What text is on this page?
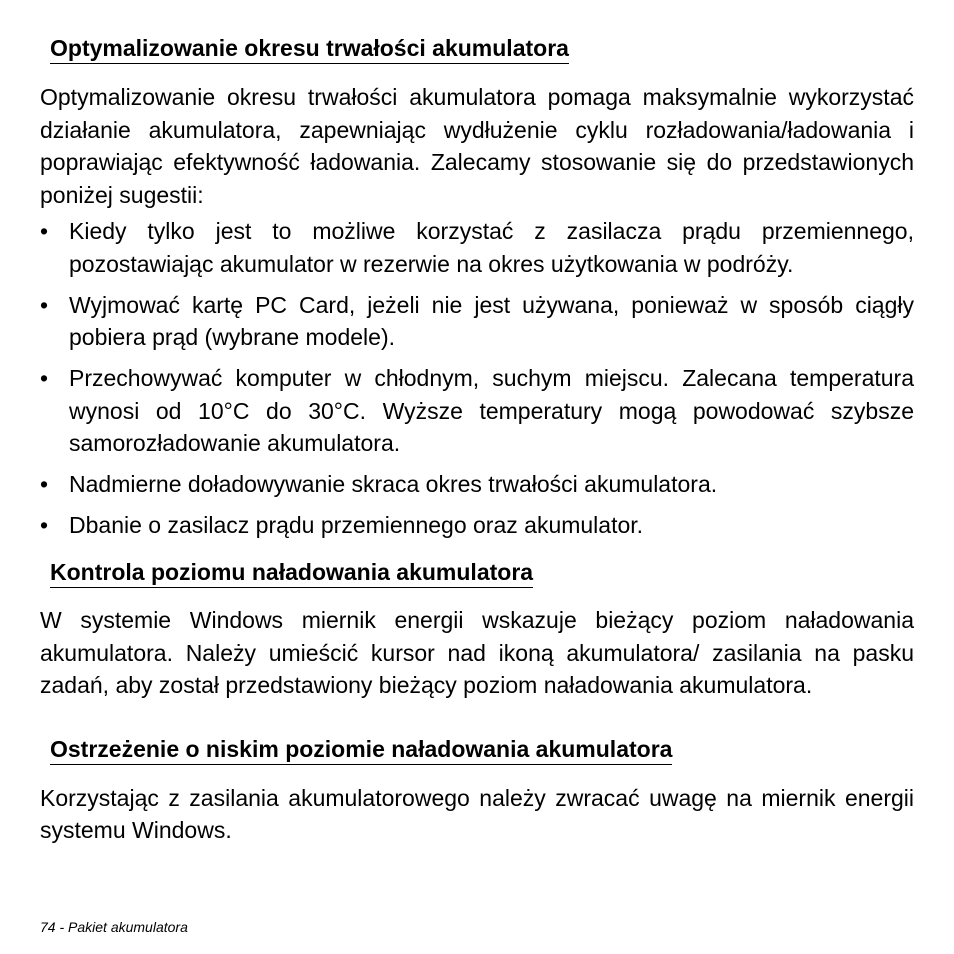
Optymalizowanie okresu trwałości akumulatora

Optymalizowanie okresu trwałości akumulatora pomaga maksymalnie wykorzystać działanie akumulatora, zapewniając wydłużenie cyklu rozładowania/ładowania i poprawiając efektywność ładowania. Zalecamy stosowanie się do przedstawionych poniżej sugestii:

• Kiedy tylko jest to możliwe korzystać z zasilacza prądu przemiennego, pozostawiając akumulator w rezerwie na okres użytkowania w podróży.
• Wyjmować kartę PC Card, jeżeli nie jest używana, ponieważ w sposób ciągły pobiera prąd (wybrane modele).
• Przechowywać komputer w chłodnym, suchym miejscu. Zalecana temperatura wynosi od 10°C do 30°C. Wyższe temperatury mogą powodować szybsze samorozładowanie akumulatora.
• Nadmierne doładowywanie skraca okres trwałości akumulatora.
• Dbanie o zasilacz prądu przemiennego oraz akumulator.
Kontrola poziomu naładowania akumulatora

W systemie Windows miernik energii wskazuje bieżący poziom naładowania akumulatora. Należy umieścić kursor nad ikoną akumulatora/ zasilania na pasku zadań, aby został przedstawiony bieżący poziom naładowania akumulatora.

Ostrzeżenie o niskim poziomie naładowania akumulatora

Korzystając z zasilania akumulatorowego należy zwracać uwagę na miernik energii systemu Windows.

74 - Pakiet akumulatora
